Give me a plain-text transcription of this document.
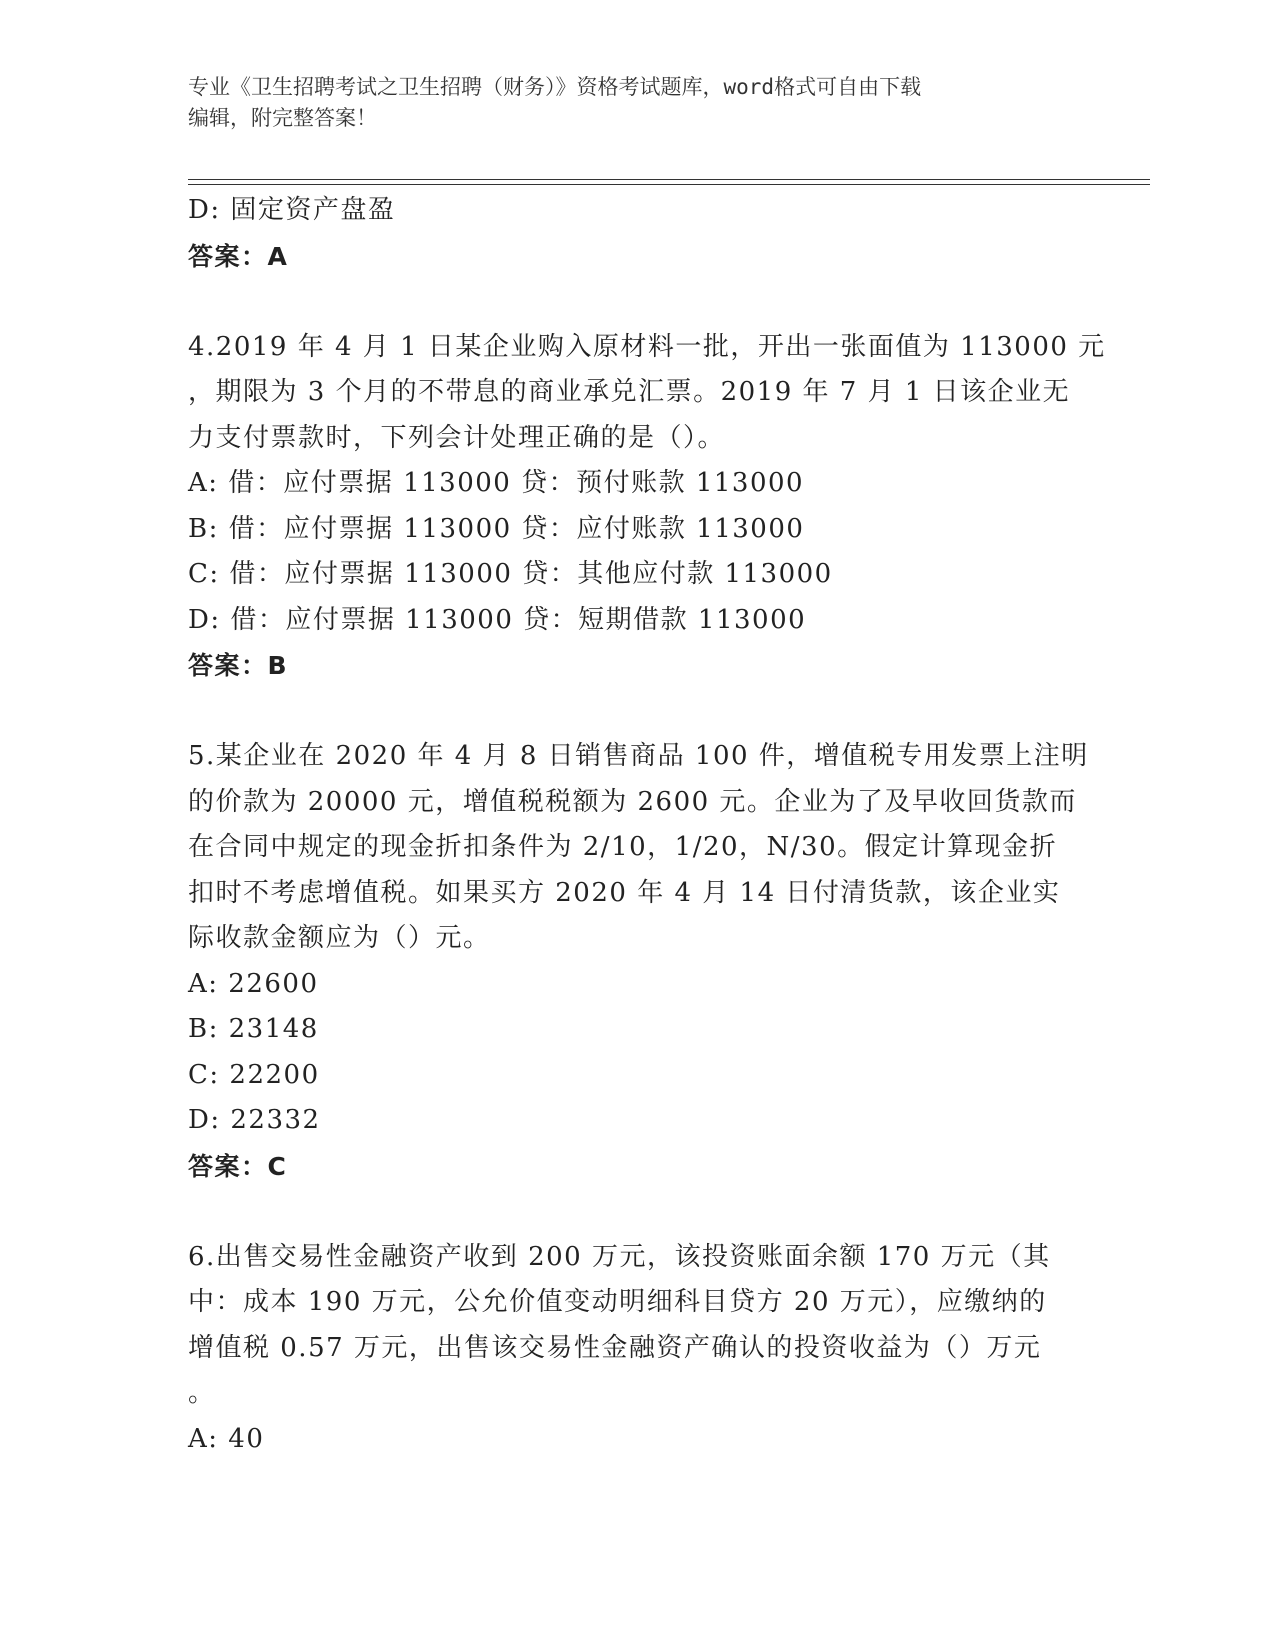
专业《卫生招聘考试之卫生招聘（财务）》资格考试题库，word格式可自由下载
编辑，附完整答案！
D: 固定资产盘盈
答案：A
4.2019 年 4 月 1 日某企业购入原材料一批，开出一张面值为 113000 元
，期限为 3 个月的不带息的商业承兑汇票。2019 年 7 月 1 日该企业无
力支付票款时，下列会计处理正确的是（）。
A: 借：应付票据 113000 贷：预付账款 113000
B: 借：应付票据 113000 贷：应付账款 113000
C: 借：应付票据 113000 贷：其他应付款 113000
D: 借：应付票据 113000 贷：短期借款 113000
答案：B
5.某企业在 2020 年 4 月 8 日销售商品 100 件，增值税专用发票上注明
的价款为 20000 元，增值税税额为 2600 元。企业为了及早收回货款而
在合同中规定的现金折扣条件为 2/10，1/20，N/30。假定计算现金折
扣时不考虑增值税。如果买方 2020 年 4 月 14 日付清货款，该企业实
际收款金额应为（）元。
A: 22600
B: 23148
C: 22200
D: 22332
答案：C
6.出售交易性金融资产收到 200 万元，该投资账面余额 170 万元（其
中：成本 190 万元，公允价值变动明细科目贷方 20 万元），应缴纳的
增值税 0.57 万元，出售该交易性金融资产确认的投资收益为（）万元
。
A: 40
